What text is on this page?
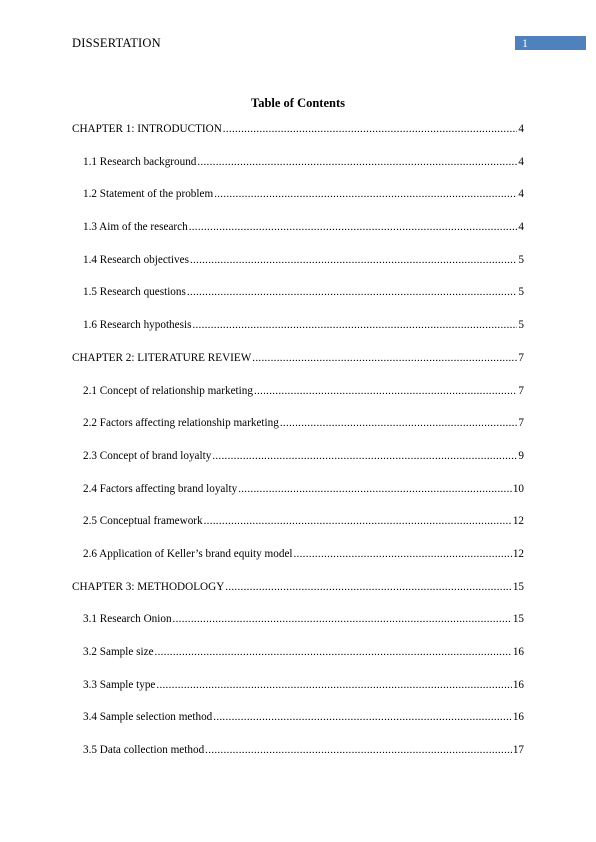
DISSERTATION	1
Table of Contents
CHAPTER 1: INTRODUCTION .....	4
1.1 Research background .....	4
1.2 Statement of the problem .....	4
1.3 Aim of the research .....	4
1.4 Research objectives .....	5
1.5 Research questions .....	5
1.6 Research hypothesis .....	5
CHAPTER 2: LITERATURE REVIEW .....	7
2.1 Concept of relationship marketing .....	7
2.2 Factors affecting relationship marketing .....	7
2.3 Concept of brand loyalty .....	9
2.4 Factors affecting brand loyalty .....	10
2.5 Conceptual framework .....	12
2.6 Application of Keller’s brand equity model .....	12
CHAPTER 3: METHODOLOGY .....	15
3.1 Research Onion .....	15
3.2 Sample size .....	16
3.3 Sample type .....	16
3.4 Sample selection method .....	16
3.5 Data collection method .....	17
